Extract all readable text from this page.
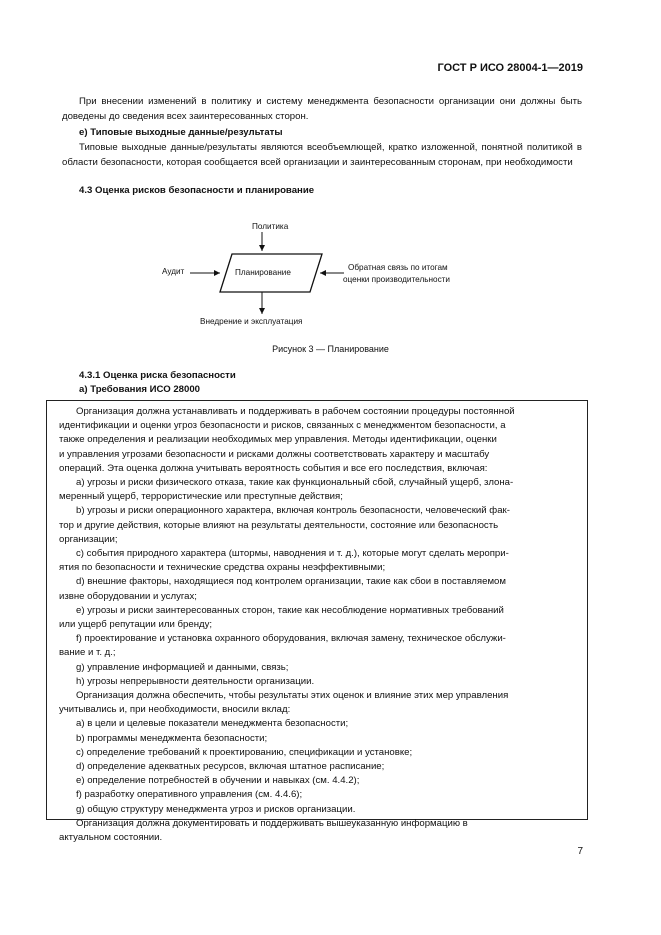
ГОСТ Р ИСО 28004-1—2019
При внесении изменений в политику и систему менеджмента безопасности организации они должны быть доведены до сведения всех заинтересованных сторон.
е) Типовые выходные данные/результаты
Типовые выходные данные/результаты являются всеобъемлющей, кратко изложенной, понятной политикой в области безопасности, которая сообщается всей организации и заинтересованным сторонам, при необходимости
4.3 Оценка рисков безопасности и планирование
Политика
Аудит	Планирование
Обратная связь по итогам
оценки производительности
Внедрение и эксплуатация
Рисунок 3 — Планирование
4.3.1 Оценка риска безопасности
а) Требования ИСО 28000
Организация должна устанавливать и поддерживать в рабочем состоянии процедуры постоянной
идентификации и оценки угроз безопасности и рисков, связанных с менеджментом безопасности, а
также определения и реализации необходимых мер управления. Методы идентификации, оценки
и управления угрозами безопасности и рисками должны соответствовать характеру и масштабу
операций. Эта оценка должна учитывать вероятность события и все его последствия, включая:
a) угрозы и риски физического отказа, такие как функциональный сбой, случайный ущерб, злона-
меренный ущерб, террористические или преступные действия;
b) угрозы и риски операционного характера, включая контроль безопасности, человеческий фак-
тор и другие действия, которые влияют на результаты деятельности, состояние или безопасность
организации;
c) события природного характера (штормы, наводнения и т. д.), которые могут сделать меропри-
ятия по безопасности и технические средства охраны неэффективными;
d) внешние факторы, находящиеся под контролем организации, такие как сбои в поставляемом
извне оборудовании и услугах;
e) угрозы и риски заинтересованных сторон, такие как несоблюдение нормативных требований
или ущерб репутации или бренду;
f) проектирование и установка охранного оборудования, включая замену, техническое обслужи-
вание и т. д.;
g) управление информацией и данными, связь;
h) угрозы непрерывности деятельности организации.
Организация должна обеспечить, чтобы результаты этих оценок и влияние этих мер управления
учитывались и, при необходимости, вносили вклад:
a) в цели и целевые показатели менеджмента безопасности;
b) программы менеджмента безопасности;
c) определение требований к проектированию, спецификации и установке;
d) определение адекватных ресурсов, включая штатное расписание;
e) определение потребностей в обучении и навыках (см. 4.4.2);
f) разработку оперативного управления (см. 4.4.6);
g) общую структуру менеджмента угроз и рисков организации.
Организация должна документировать и поддерживать вышеуказанную информацию в
актуальном состоянии.
7
